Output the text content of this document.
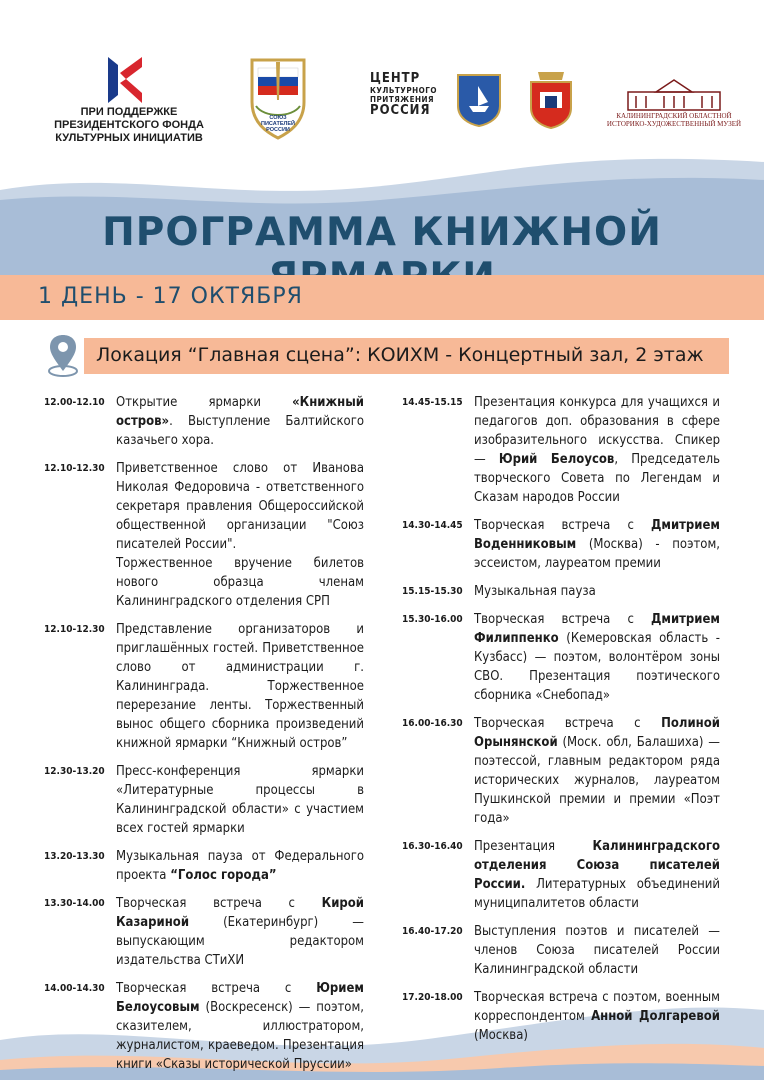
ПРИ ПОДДЕРЖКЕ ПРЕЗИДЕНТСКОГО ФОНДА КУЛЬТУРНЫХ ИНИЦИАТИВ
СОЮЗ ПИСАТЕЛЕЙ РОССИИ
ЦЕНТР
КУЛЬТУРНОГО ПРИТЯЖЕНИЯ
РОССИЯ	КАЛИНИНГРАДСКИЙ ОБЛАСТНОЙ ИСТОРИКО-ХУДОЖЕСТВЕННЫЙ МУЗЕЙ
ПРОГРАММА КНИЖНОЙ
1 ДЕНЬ - 17 ОКТЯБРЯ
Локация “Главная сцена”: КОИХМ - Концертный зал, 2 этаж
12.00-12.10 Открытие ярмарки «Книжный остров». Выступление Балтийского казачьего хора.

12.10-12.30 Приветственное слово от Иванова Николая Федоровича - ответственного секретаря правления Общероссийской общественной организации "Союз писателей России".

Торжественное вручение билетов нового образца членам Калининградского отделения СРП

12.10-12.30 Представление организаторов и приглашённых гостей. Приветственное слово от администрации г. Калининграда. Торжественное перерезание ленты. Торжественный вынос общего сборника произведений книжной ярмарки “Книжный остров”

12.30-13.20 Пресс-конференция ярмарки «Литературные процессы в Калининградской области» с участием всех гостей ярмарки

13.20-13.30 Музыкальная пауза от Федерального проекта “Голос города”

13.30-14.00 Творческая встреча с Кирой Казариной (Екатеринбург) — выпускающим редактором издательства СТиХИ

14.00-14.30 Творческая встреча с Юрием Белоусовым (Воскресенск) — поэтом, сказителем, иллюстратором, журналистом, краеведом. Презентация книги «Сказы исторической Пруссии»

14.45-15.15 Презентация конкурса для учащихся и педагогов доп. образования в сфере изобразительного искусства. Спикер — Юрий Белоусов, Председатель творческого Совета по Легендам и Сказам народов России

14.30-14.45 Творческая встреча с Дмитрием Воденниковым (Москва) - поэтом, эссеистом, лауреатом премии

15.15-15.30 Музыкальная пауза

15.30-16.00 Творческая встреча с Дмитрием Филиппенко (Кемеровская область - Кузбасс) — поэтом, волонтёром зоны СВО. Презентация поэтического сборника «Снебопад»

16.00-16.30 Творческая встреча с Полиной Орынянской (Моск. обл, Балашиха) — поэтессой, главным редактором ряда исторических журналов, лауреатом Пушкинской премии и премии «Поэт года»

16.30-16.40 Презентация Калининградского отделения Союза писателей России. Литературных объединений муниципалитетов области

16.40-17.20 Выступления поэтов и писателей — членов Союза писателей России Калининградской области

17.20-18.00 Творческая встреча с поэтом, военным корреспондентом Анной Долгаревой (Москва)
